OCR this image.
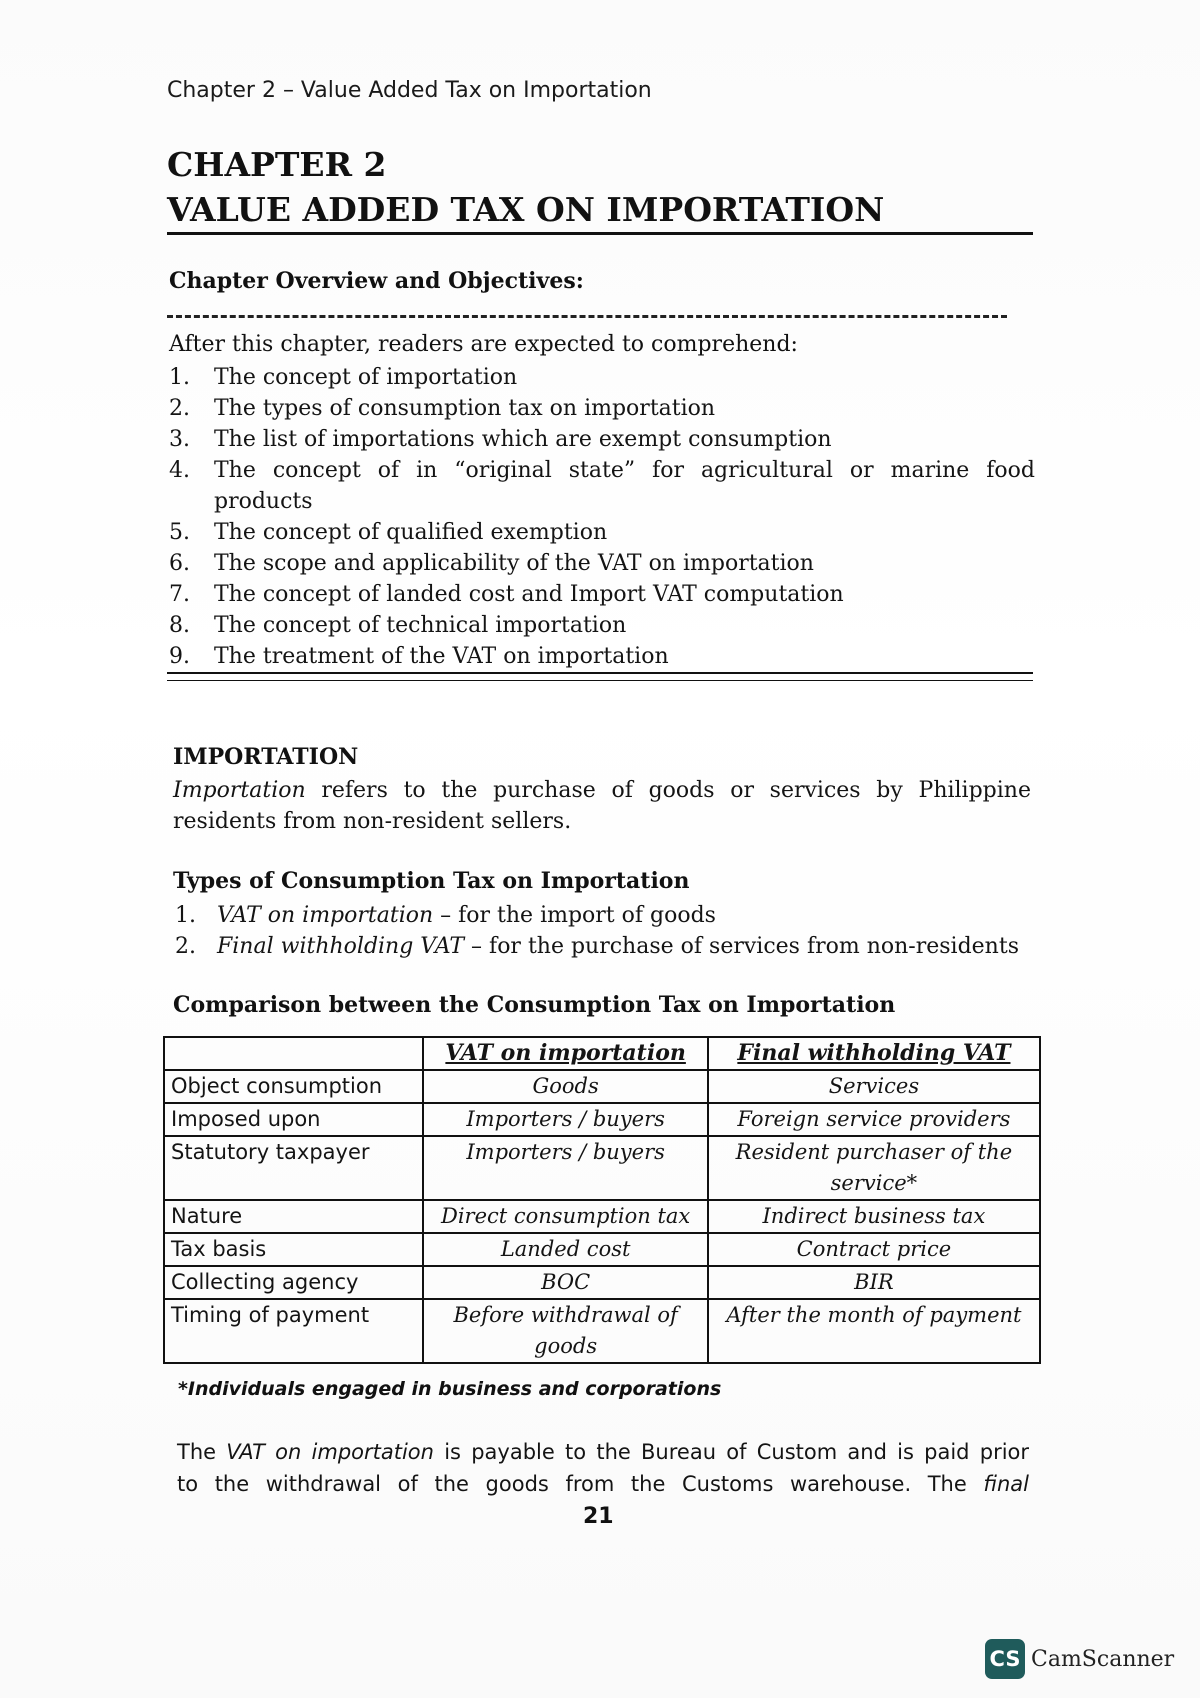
Chapter 2 – Value Added Tax on Importation
CHAPTER 2
VALUE ADDED TAX ON IMPORTATION
Chapter Overview and Objectives:
After this chapter, readers are expected to comprehend:
1. The concept of importation
2. The types of consumption tax on importation
3. The list of importations which are exempt consumption
4. The concept of in “original state” for agricultural or marine food
products
5. The concept of qualified exemption
6. The scope and applicability of the VAT on importation
7. The concept of landed cost and Import VAT computation
8. The concept of technical importation
9. The treatment of the VAT on importation
IMPORTATION
Importation refers to the purchase of goods or services by Philippine
residents from non-resident sellers.
Types of Consumption Tax on Importation
1. VAT on importation – for the import of goods
2. Final withholding VAT – for the purchase of services from non-residents
Comparison between the Consumption Tax on Importation
	VAT on importation	Final withholding VAT
Object consumption	Goods	Services
Imposed upon	Importers / buyers	Foreign service providers
Statutory taxpayer	Importers / buyers	Resident purchaser of the service*
Nature	Direct consumption tax	Indirect business tax
Tax basis	Landed cost	Contract price
Collecting agency	BOC	BIR
Timing of payment	Before withdrawal of goods	After the month of payment
*Individuals engaged in business and corporations
The VAT on importation is payable to the Bureau of Custom and is paid prior
to the withdrawal of the goods from the Customs warehouse. The final
21
CS CamScanner
